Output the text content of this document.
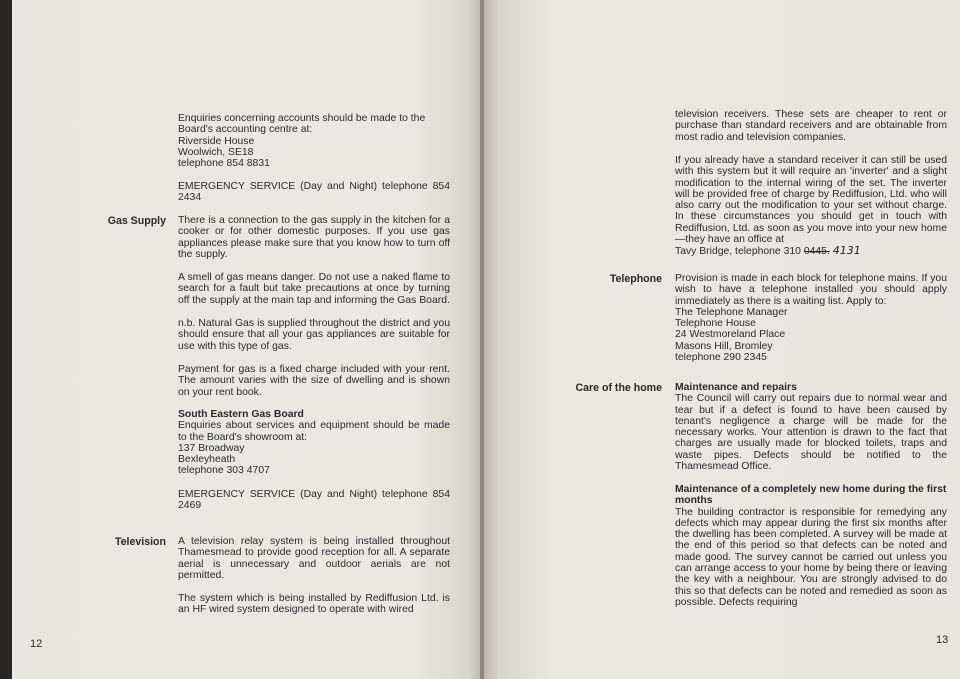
Enquiries concerning accounts should be made to the Board's accounting centre at:

Riverside House

Woolwich, SE18

telephone 854 8831

EMERGENCY SERVICE (Day and Night) telephone 854 2434
Gas Supply There is a connection to the gas supply in the kitchen for a cooker or for other domestic purposes. If you use gas appliances please make sure that you know how to turn off the supply.
A smell of gas means danger. Do not use a naked flame to search for a fault but take precautions at once by turning off the supply at the main tap and informing the Gas Board.
n.b. Natural Gas is supplied throughout the district and you should ensure that all your gas appliances are suitable for use with this type of gas.
Payment for gas is a fixed charge included with your rent. The amount varies with the size of dwelling and is shown on your rent book.

South Eastern Gas Board

Enquiries about services and equipment should be made to the Board's showroom at:

137 Broadway

Bexleyheath

telephone 303 4707

EMERGENCY SERVICE (Day and Night) telephone 854 2469
Television A television relay system is being installed throughout Thamesmead to provide good reception for all. A separate aerial is unnecessary and outdoor aerials are not permitted.
The system which is being installed by Rediffusion Ltd. is an HF wired system designed to operate with wired
12
television receivers. These sets are cheaper to rent or purchase than standard receivers and are obtainable from most radio and television companies.

If you already have a standard receiver it can still be used with this system but it will require an 'inverter' and a slight modification to the internal wiring of the set. The inverter will be provided free of charge by Rediffusion, Ltd. who will also carry out the modification to your set without charge. In these circumstances you should get in touch with Rediffusion, Ltd. as soon as you move into your new home—they have an office at

Tavy Bridge, telephone 310 0445. 4131

Telephone Provision is made in each block for telephone mains. If you wish to have a telephone installed you should apply immediately as there is a waiting list. Apply to:

The Telephone Manager

Telephone House

24 Westmoreland Place

Masons Hill, Bromley

telephone 290 2345

Care of the home Maintenance and repairs

The Council will carry out repairs due to normal wear and tear but if a defect is found to have been caused by tenant's negligence a charge will be made for the necessary works. Your attention is drawn to the fact that charges are usually made for blocked toilets, traps and waste pipes. Defects should be notified to the Thamesmead Office.

Maintenance of a completely new home during the first months

The building contractor is responsible for remedying any defects which may appear during the first six months after the dwelling has been completed. A survey will be made at the end of this period so that defects can be noted and made good. The survey cannot be carried out unless you can arrange access to your home by being there or leaving the key with a neighbour. You are strongly advised to do this so that defects can be noted and remedied as soon as possible. Defects requiring

13
